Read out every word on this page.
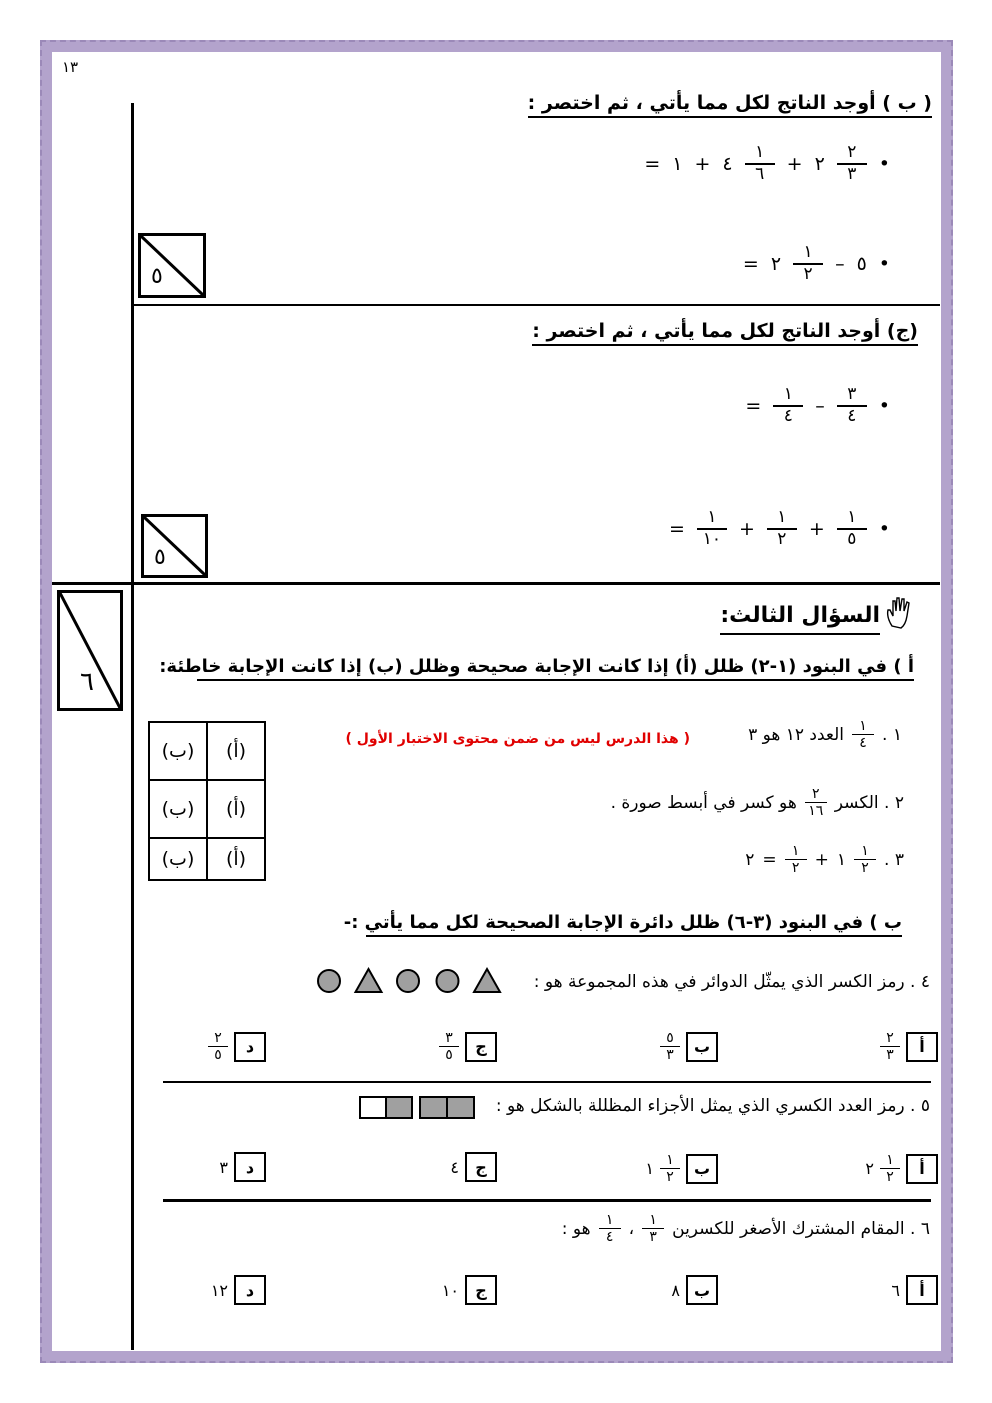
١٣
٥
٥
٦
( ب ) أوجد الناتج لكل مما يأتي ، ثم اختصر :
= ١ + ٤ $\frac{١}{٦}$ + ٢ $\frac{٢}{٣}$ •
= ٢ $\frac{١}{٢}$ – ٥ •
(ج) أوجد الناتج لكل مما يأتي ، ثم اختصر :
= $\frac{١}{٤} - \frac{٣}{٤}$ •
= $\frac{١}{١٠} + \frac{١}{٢} + \frac{١}{٥}$ •
السؤال الثالث:
أ ) في البنود (١-٢) ظلل (أ) إذا كانت الإجابة صحيحة وظلل (ب) إذا كانت الإجابة خاطئة:
١ .
$\frac{١}{٤}$
العدد ١٢ هو ٣
( هذا الدرس ليس من ضمن محتوى الاختبار الأول )
٢ . الكسر
$\frac{٢}{١٦}$
هو كسر في أبسط صورة .
٣ .
$\frac{١}{٢}$
١
+
$\frac{١}{٢}$
=
٢
(ب)	(أ)
(ب)	(أ)
(ب)	(أ)
ب ) في البنود (٣-٦) ظلل دائرة الإجابة الصحيحة لكل مما يأتي :-
٤ . رمز الكسر الذي يمثّل الدوائر في هذه المجموعة هو :
$\frac{٢}{٣}$	أ
$\frac{٥}{٣}$ ب
$\frac{٣}{٥}$	ج
$\frac{٢}{٥}$	د
٥ . رمز العدد الكسري الذي يمثل الأجزاء المظللة بالشكل هو :
٢ $\frac{١}{٢}$	أ
١ $\frac{١}{٢}$ ب
٤	ج
٣	د
٦ . المقام المشترك الأصغر للكسرين
$\frac{١}{٣}$
،
$\frac{١}{٤}$
هو :
٦	أ
٨ ب
١٠	ج
١٢	د
